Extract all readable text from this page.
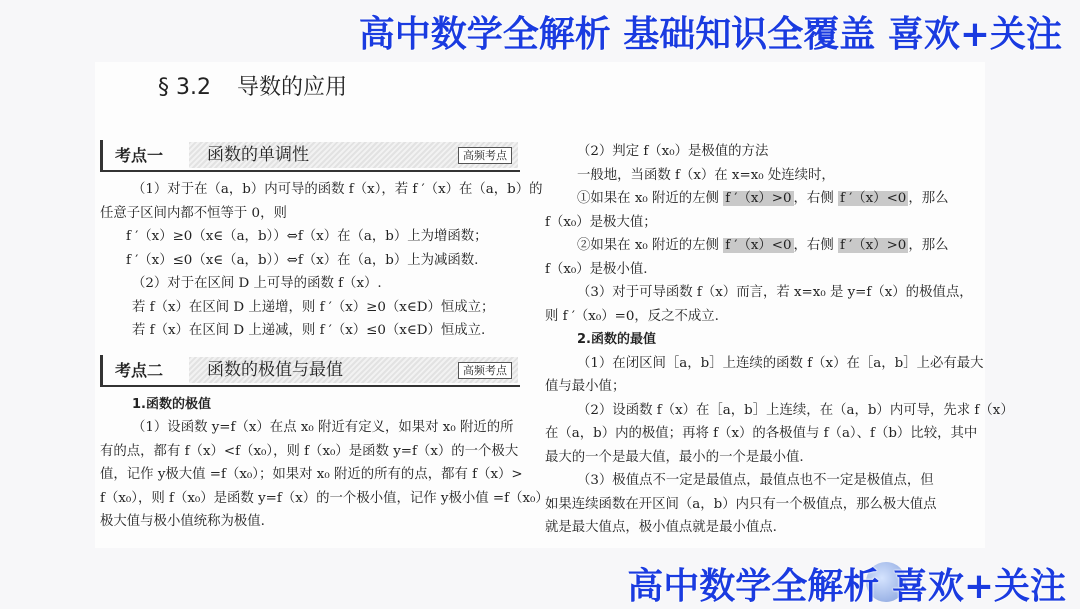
高中数学全解析 基础知识全覆盖 喜欢+关注
§ 3.2 导数的应用
考点一	函数的单调性	高频考点

（1）对于在（a，b）内可导的函数 f（x），若 f ′（x）在（a，b）的

任意子区间内都不恒等于 0，则

f ′（x）≥0（x∈（a，b））⇔f（x）在（a，b）上为增函数；

f ′（x）≤0（x∈（a，b））⇔f（x）在（a，b）上为减函数.

（2）对于在区间 D 上可导的函数 f（x）.

若 f（x）在区间 D 上递增，则 f ′（x）≥0（x∈D）恒成立；

若 f（x）在区间 D 上递减，则 f ′（x）≤0（x∈D）恒成立.

考点二	函数的极值与最值	高频考点

1.函数的极值

（1）设函数 y=f（x）在点 x₀ 附近有定义，如果对 x₀ 附近的所

有的点，都有 f（x）<f（x₀），则 f（x₀）是函数 y=f（x）的一个极大

值，记作 y极大值 =f（x₀）；如果对 x₀ 附近的所有的点，都有 f（x）>

f（x₀），则 f（x₀）是函数 y=f（x）的一个极小值，记作 y极小值 =f（x₀）.

极大值与极小值统称为极值.

（2）判定 f（x₀）是极值的方法

一般地，当函数 f（x）在 x=x₀ 处连续时，

①如果在 x₀ 附近的左侧 f ′（x）>0 ，右侧 f ′（x）<0 ，那么

f（x₀）是极大值；

②如果在 x₀ 附近的左侧 f ′（x）<0 ，右侧 f ′（x）>0 ，那么

f（x₀）是极小值.

（3）对于可导函数 f（x）而言，若 x=x₀ 是 y=f（x）的极值点，

则 f ′（x₀）=0，反之不成立.

2.函数的最值

（1）在闭区间［a，b］上连续的函数 f（x）在［a，b］上必有最大

值与最小值；

（2）设函数 f（x）在［a，b］上连续，在（a，b）内可导，先求 f（x）

在（a，b）内的极值；再将 f（x）的各极值与 f（a）、f（b）比较，其中

最大的一个是最大值，最小的一个是最小值.

（3）极值点不一定是最值点，最值点也不一定是极值点，但

如果连续函数在开区间（a，b）内只有一个极值点，那么极大值点

就是最大值点，极小值点就是最小值点.

高中数学全解析 喜欢+关注
